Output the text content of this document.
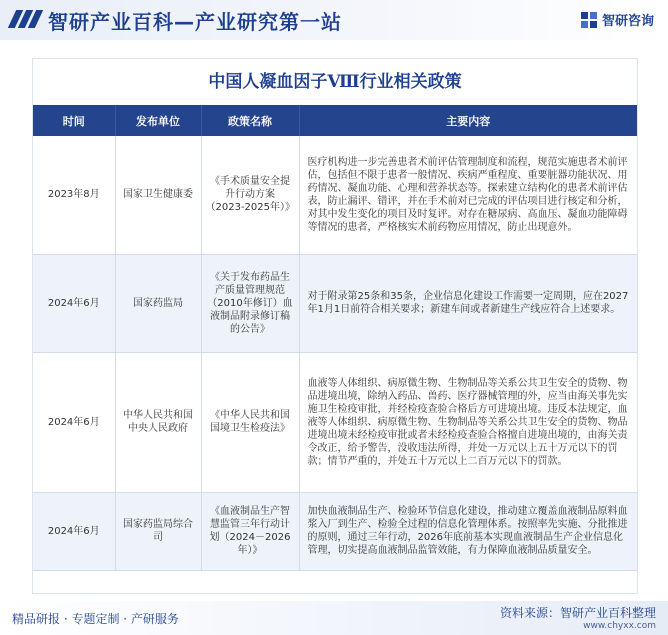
智研产业百科—产业研究第一站	智研咨询
中国人凝血因子Ⅷ行业相关政策
时间	发布单位	政策名称	主要内容
2023年8月	国家卫生健康委	《手术质量安全提升行动方案（2023-2025年）》	医疗机构进一步完善患者术前评估管理制度和流程，规范实施患者术前评估，包括但不限于患者一般情况、疾病严重程度、重要脏器功能状况、用药情况、凝血功能、心理和营养状态等。探索建立结构化的患者术前评估表，防止漏评、错评，并在手术前对已完成的评估项目进行核定和分析，对其中发生变化的项目及时复评。对存在糖尿病、高血压、凝血功能障碍等情况的患者，严格核实术前药物应用情况，防止出现意外。
2024年6月	国家药监局	《关于发布药品生产质量管理规范（2010年修订）血液制品附录修订稿的公告》	对于附录第25条和35条，企业信息化建设工作需要一定周期，应在2027年1月1日前符合相关要求；新建车间或者新建生产线应符合上述要求。
2024年6月	中华人民共和国中央人民政府	《中华人民共和国国境卫生检疫法》	血液等人体组织、病原微生物、生物制品等关系公共卫生安全的货物、物品进境出境，除纳入药品、兽药、医疗器械管理的外，应当由海关事先实施卫生检疫审批，并经检疫查验合格后方可进境出境。违反本法规定，血液等人体组织、病原微生物、生物制品等关系公共卫生安全的货物、物品进境出境未经检疫审批或者未经检疫查验合格擅自进境出境的，由海关责令改正，给予警告，没收违法所得，并处一万元以上五十万元以下的罚款；情节严重的，并处五十万元以上二百万元以下的罚款。
2024年6月	国家药监局综合司	《血液制品生产智慧监管三年行动计划（2024－2026年）》	加快血液制品生产、检验环节信息化建设，推动建立覆盖血液制品原料血浆入厂到生产、检验全过程的信息化管理体系。按照率先实施、分批推进的原则，通过三年行动，2026年底前基本实现血液制品生产企业信息化管理，切实提高血液制品监管效能，有力保障血液制品质量安全。
精品研报 · 专题定制 · 产研服务	资料来源：智研产业百科整理
www.chyxx.com
